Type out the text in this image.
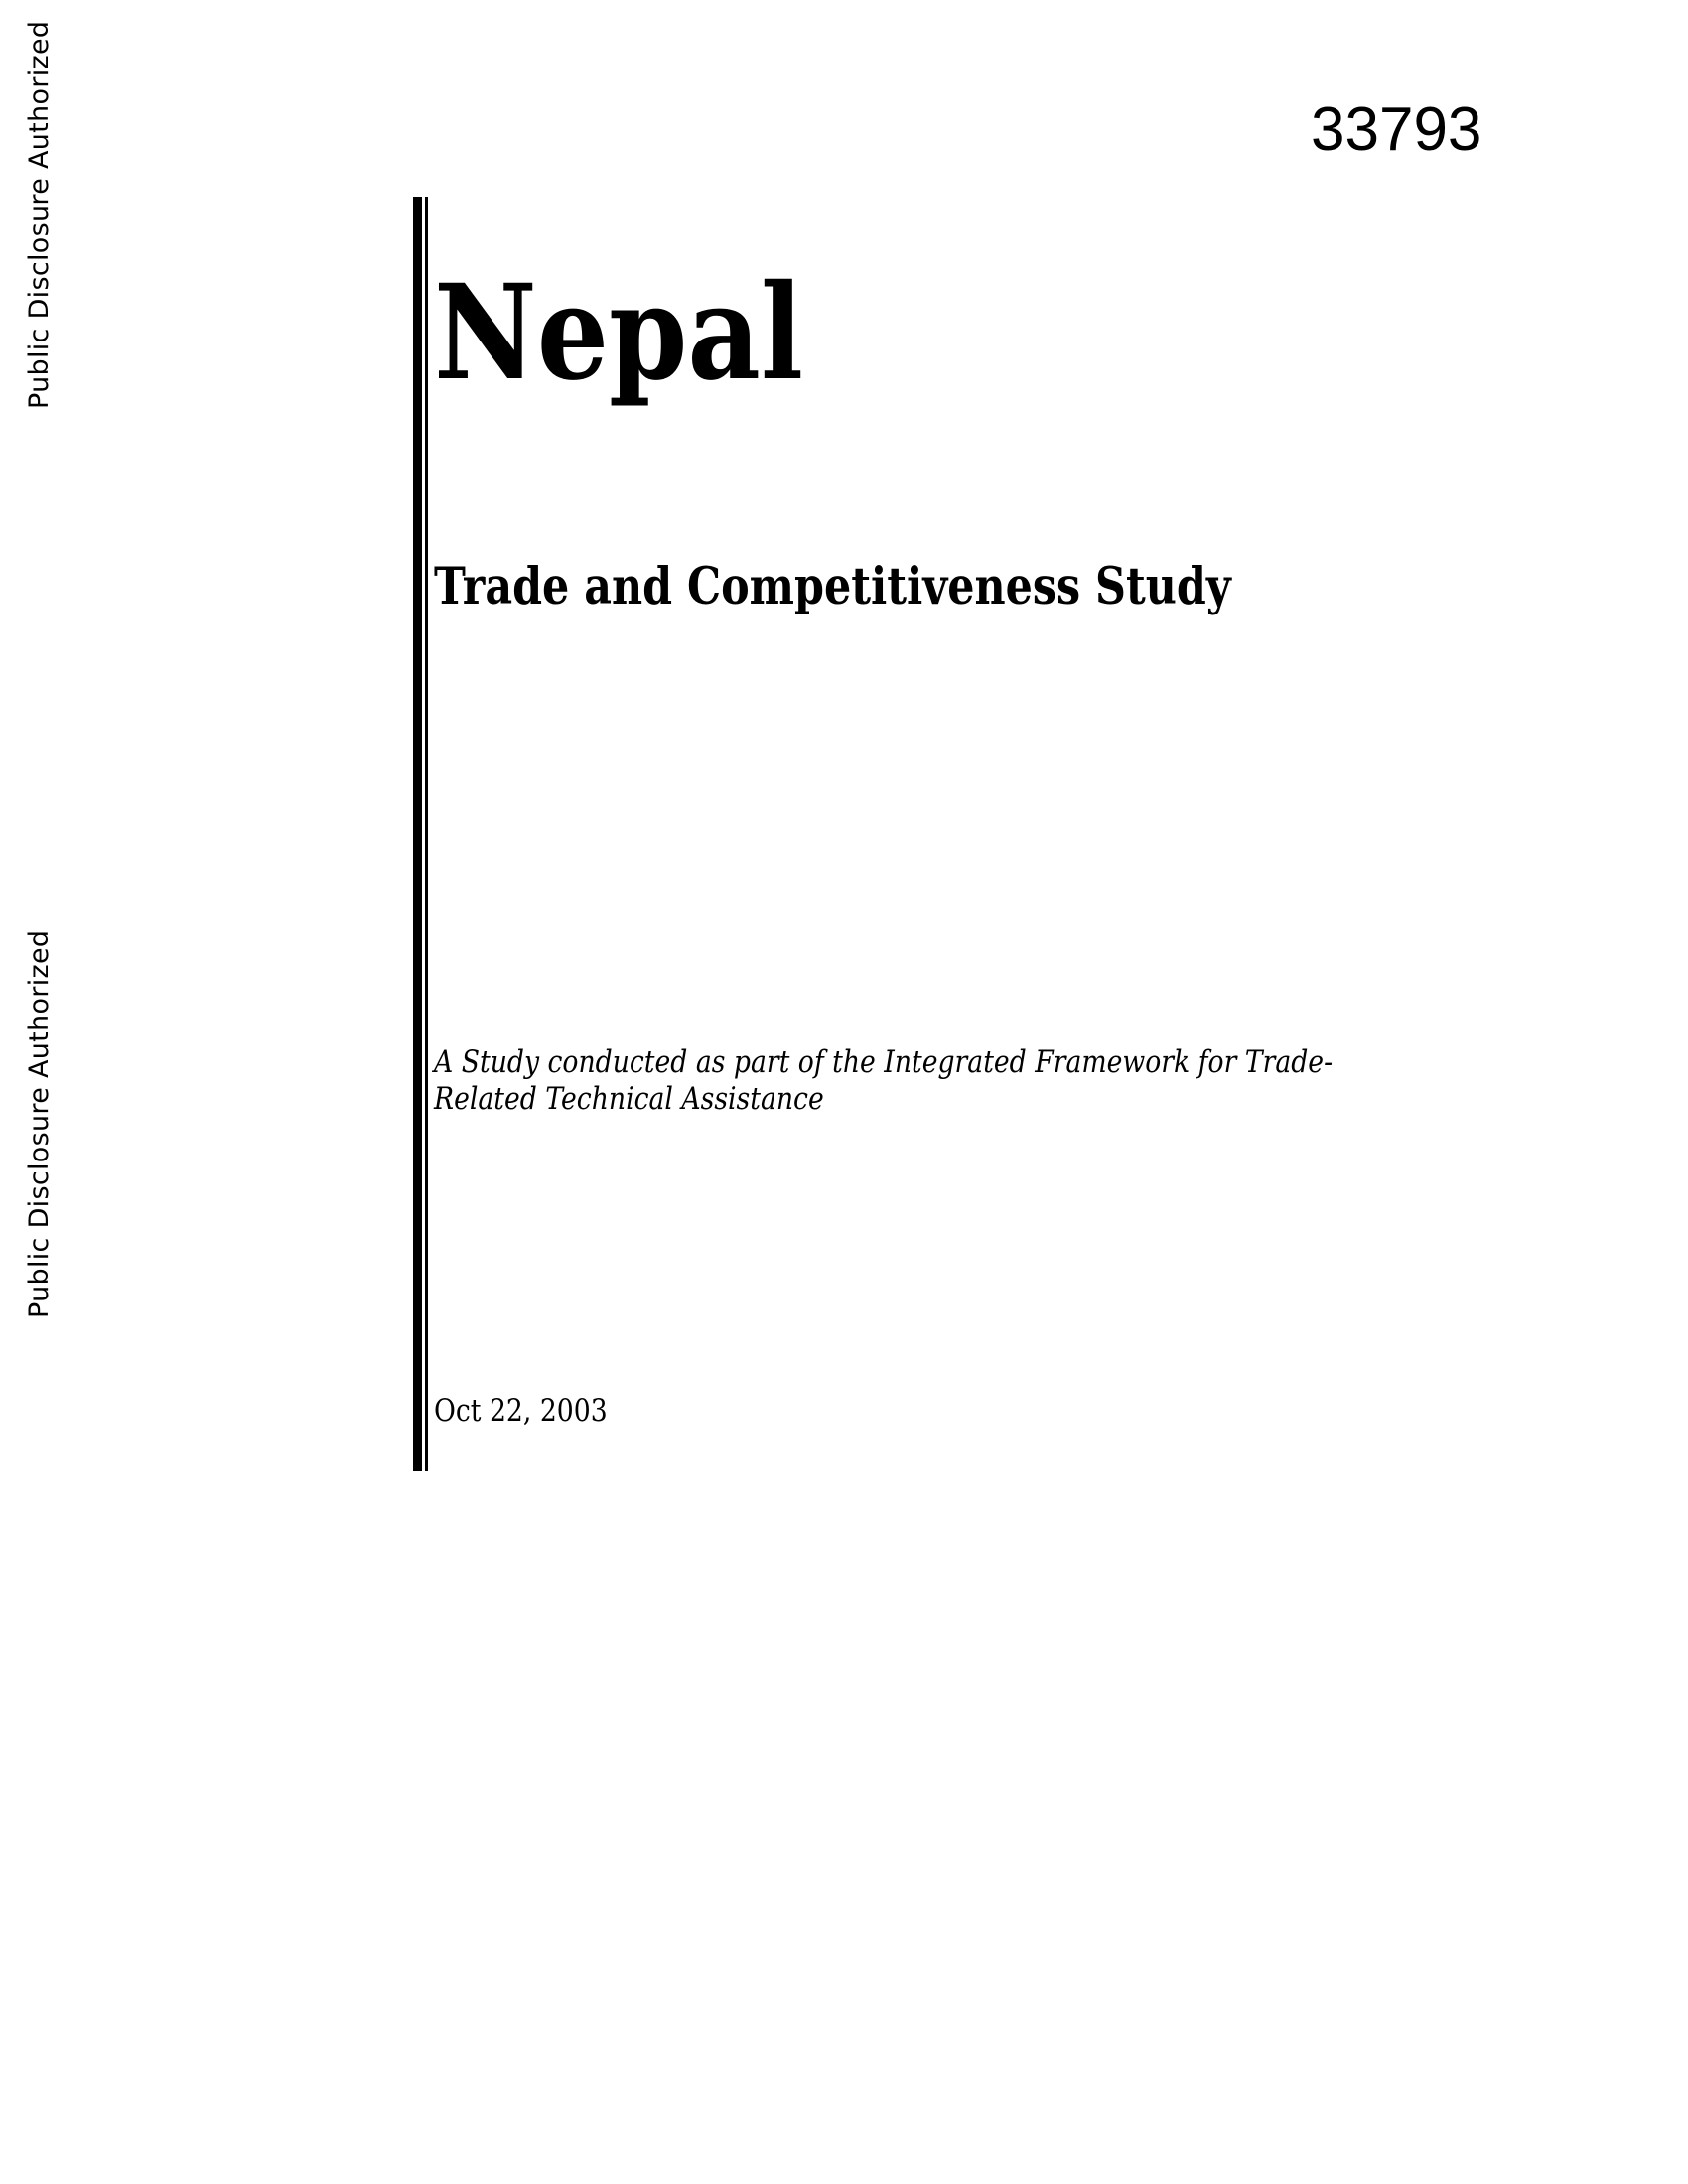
Public Disclosure Authorized
Public Disclosure Authorized
33793
Nepal
Trade and Competitiveness Study
A Study conducted as part of the Integrated Framework for Trade-
Related Technical Assistance
Oct 22, 2003
